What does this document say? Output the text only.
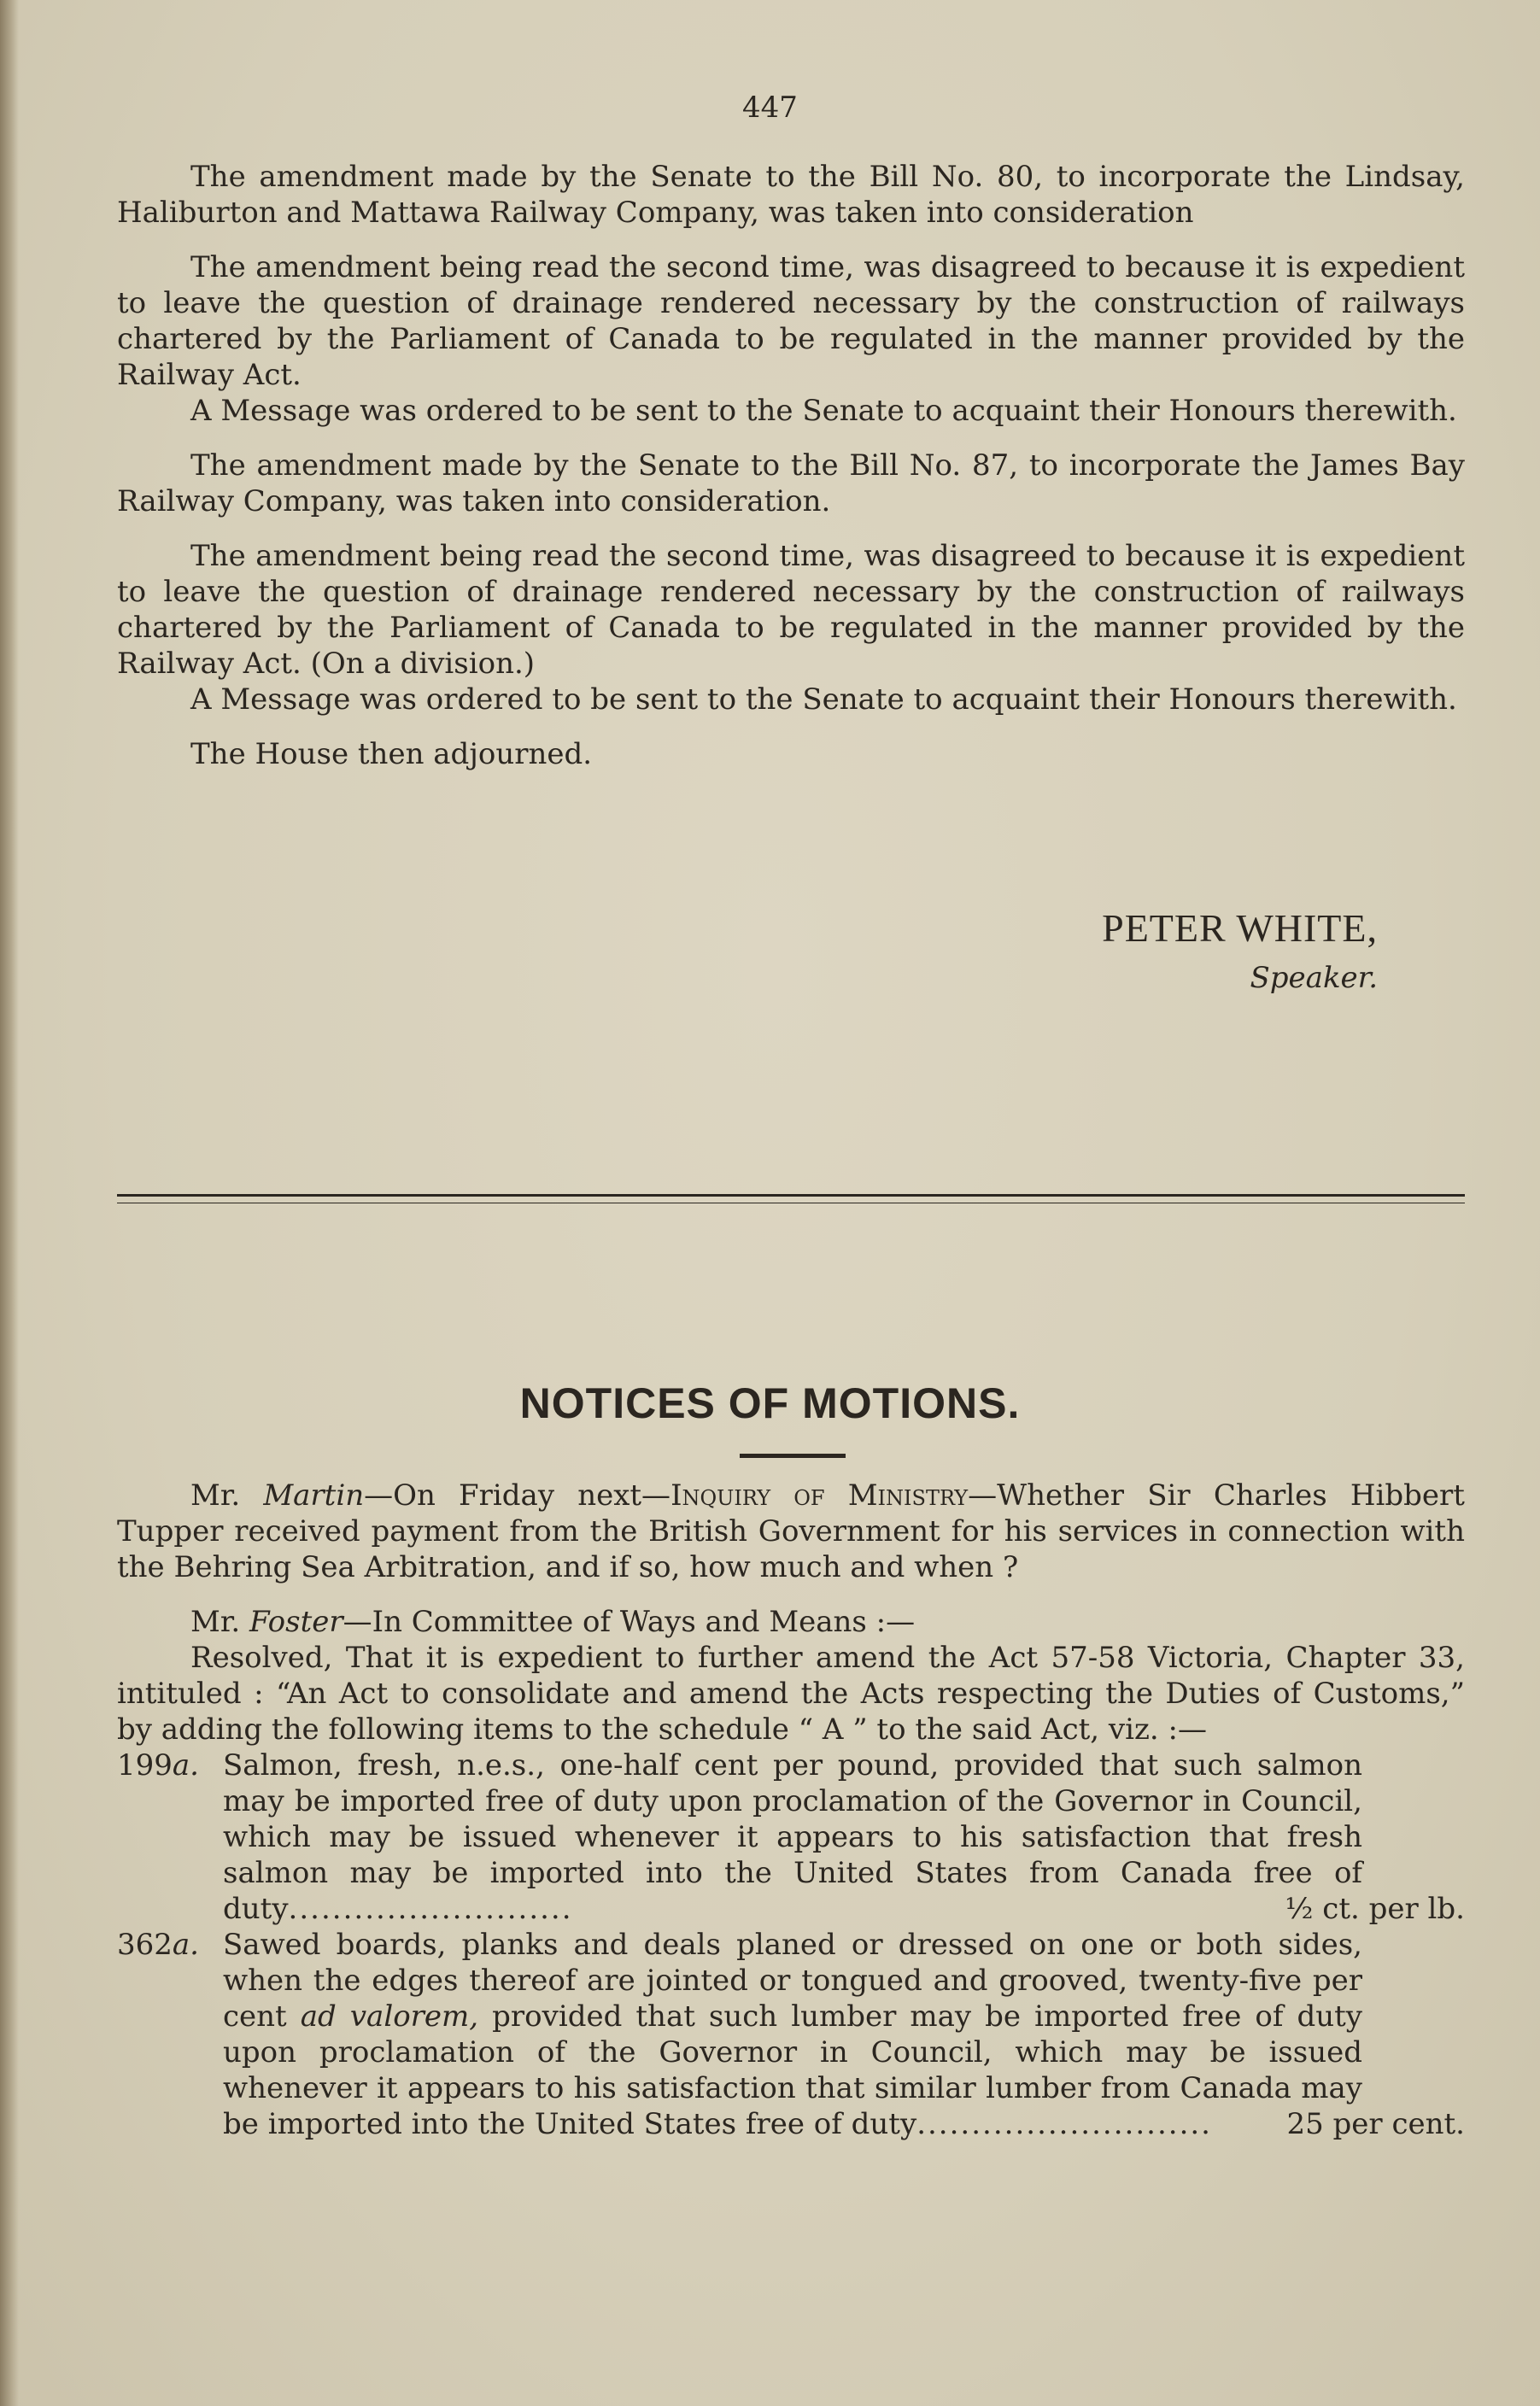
447

The amendment made by the Senate to the Bill No. 80, to incorporate the Lindsay, Haliburton and Mattawa Railway Company, was taken into consideration

The amendment being read the second time, was disagreed to because it is expedient to leave the question of drainage rendered necessary by the construction of railways chartered by the Parliament of Canada to be regulated in the manner provided by the Railway Act.

A Message was ordered to be sent to the Senate to acquaint their Honours therewith.

The amendment made by the Senate to the Bill No. 87, to incorporate the James Bay Railway Company, was taken into consideration.

The amendment being read the second time, was disagreed to because it is expedient to leave the question of drainage rendered necessary by the construction of railways chartered by the Parliament of Canada to be regulated in the manner provided by the Railway Act. (On a division.)

A Message was ordered to be sent to the Senate to acquaint their Honours therewith.

The House then adjourned.

PETER WHITE,
Speaker.
NOTICES OF MOTIONS.

Mr. Martin—On Friday next—Inquiry of Ministry—Whether Sir Charles Hibbert Tupper received payment from the British Government for his services in connection with the Behring Sea Arbitration, and if so, how much and when ?

Mr. Foster—In Committee of Ways and Means :—

Resolved, That it is expedient to further amend the Act 57-58 Victoria, Chapter 33, intituled : “An Act to consolidate and amend the Acts respecting the Duties of Customs,” by adding the following items to the schedule “ A ” to the said Act, viz. :—

199a. Salmon, fresh, n.e.s., one-half cent per pound, provided that such salmon may be imported free of duty upon proclamation of the Governor in Council, which may be issued whenever it appears to his satisfaction that fresh salmon may be imported into the United States from Canada free of duty..........................	½ ct. per lb.
362a. Sawed boards, planks and deals planed or dressed on one or both sides, when the edges thereof are jointed or tongued and grooved, twenty-five per cent ad valorem, provided that such lumber may be imported free of duty upon proclamation of the Governor in Council, which may be issued whenever it appears to his satisfaction that similar lumber from Canada may be imported into the United States free of duty...........................	25 per cent.
